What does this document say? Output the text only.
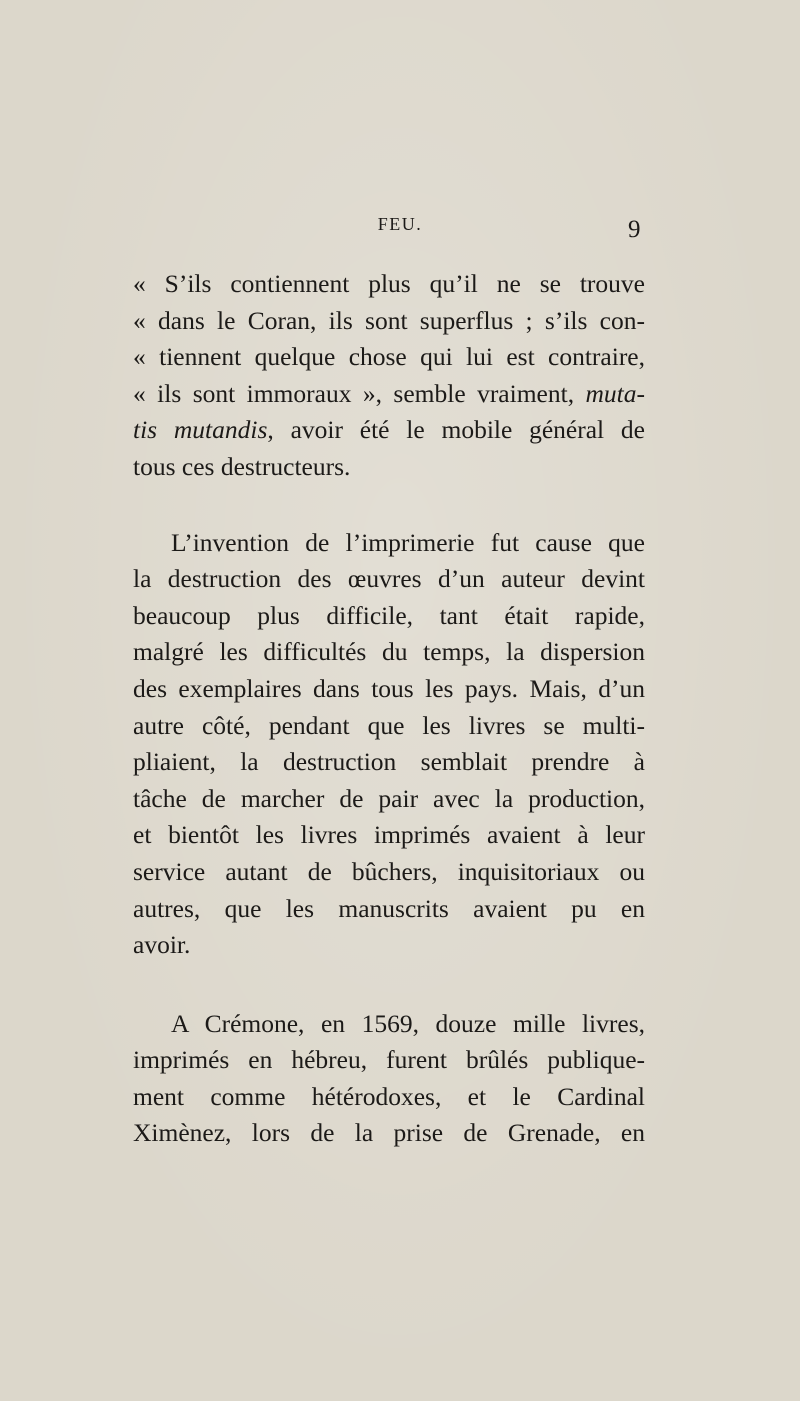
FEU.	9
« S’ils contiennent plus qu’il ne se trouve
« dans le Coran, ils sont superflus ; s’ils con-
« tiennent quelque chose qui lui est contraire,
« ils sont immoraux », semble vraiment, muta-
tis mutandis, avoir été le mobile général de
tous ces destructeurs.
L’invention de l’imprimerie fut cause que
la destruction des œuvres d’un auteur devint
beaucoup plus difficile, tant était rapide,
malgré les difficultés du temps, la dispersion
des exemplaires dans tous les pays. Mais, d’un
autre côté, pendant que les livres se multi-
pliaient, la destruction semblait prendre à
tâche de marcher de pair avec la production,
et bientôt les livres imprimés avaient à leur
service autant de bûchers, inquisitoriaux ou
autres, que les manuscrits avaient pu en
avoir.
A Crémone, en 1569, douze mille livres,
imprimés en hébreu, furent brûlés publique-
ment comme hétérodoxes, et le Cardinal
Ximènez, lors de la prise de Grenade, en
